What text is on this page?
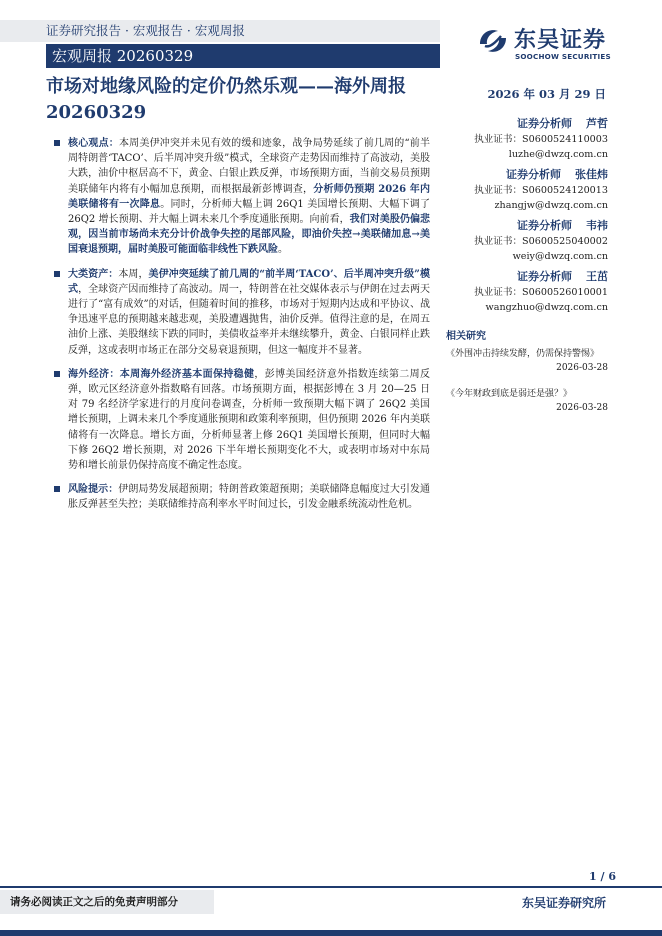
证券研究报告 · 宏观报告 · 宏观周报
宏观周报 20260329
东吴证券
SOOCHOW SECURITIES
市场对地缘风险的定价仍然乐观——海外周报 20260329
2026 年 03 月 29 日
证券分析师 芦哲
执业证书：S0600524110003
luzhe@dwzq.com.cn
证券分析师 张佳炜
执业证书：S0600524120013
zhangjw@dwzq.com.cn
证券分析师 韦祎
执业证书：S0600525040002
weiy@dwzq.com.cn
证券分析师 王茁
执业证书：S0600526010001
wangzhuo@dwzq.com.cn
相关研究
《外围冲击持续发酵，仍需保持警惕》
2026-03-28
《今年财政到底是弱还是强？》
2026-03-28
核心观点：本周美伊冲突并未见有效的缓和迹象，战争局势延续了前几周的“前半周特朗普‘TACO’、后半周冲突升级”模式，全球资产走势因而维持了高波动，美股大跌，油价中枢居高不下，黄金、白银止跌反弹，市场预期方面，当前交易员预期美联储年内将有小幅加息预期，而根据最新彭博调查，分析师仍预期 2026 年内美联储将有一次降息。同时，分析师大幅上调 26Q1 美国增长预期、大幅下调了 26Q2 增长预期、并大幅上调未来几个季度通胀预期。向前看，我们对美股仍偏悲观，因当前市场尚未充分计价战争失控的尾部风险，即油价失控→美联储加息→美国衰退预期，届时美股可能面临非线性下跌风险。
大类资产：本周，美伊冲突延续了前几周的“前半周‘TACO’、后半周冲突升级”模式，全球资产因而维持了高波动。周一，特朗普在社交媒体表示与伊朗在过去两天进行了“富有成效”的对话，但随着时间的推移，市场对于短期内达成和平协议、战争迅速平息的预期越来越悲观，美股遭遇抛售，油价反弹。值得注意的是，在周五油价上涨、美股继续下跌的同时，美债收益率并未继续攀升，黄金、白银同样止跌反弹，这或表明市场正在部分交易衰退预期，但这一幅度并不显著。
海外经济：本周海外经济基本面保持稳健，彭博美国经济意外指数连续第二周反弹，欧元区经济意外指数略有回落。市场预期方面，根据彭博在 3 月 20—25 日对 79 名经济学家进行的月度问卷调查，分析师一致预期大幅下调了 26Q2 美国增长预期，上调未来几个季度通胀预期和政策利率预期，但仍预期 2026 年内美联储将有一次降息。增长方面，分析师显著上修 26Q1 美国增长预期，但同时大幅下修 26Q2 增长预期，对 2026 下半年增长预期变化不大，或表明市场对中东局势和增长前景仍保持高度不确定性态度。
风险提示：伊朗局势发展超预期；特朗普政策超预期；美联储降息幅度过大引发通胀反弹甚至失控；美联储维持高利率水平时间过长，引发金融系统流动性危机。
1 / 6
请务必阅读正文之后的免责声明部分	东吴证券研究所
